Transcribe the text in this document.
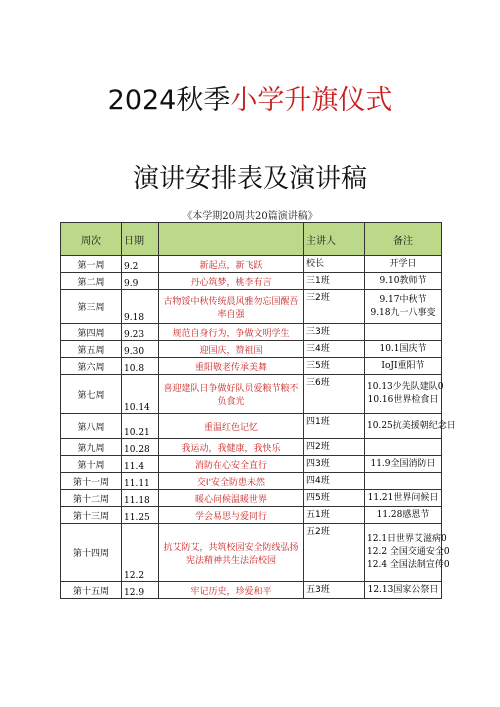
2024秋季小学升旗仪式
演讲安排表及演讲稿
《本学期20周共20篇演讲稿》
周次	日期		主讲人	备注
第一周	9.2	新起点，新飞跃	校长	开学日

第二周	9.9	丹心筑梦，桃李有言	三1班	9.10教师节

第三周	9.18	古物馁中秋传统晨风雅勿忘国醒吾率自强	三2班	9.17中秋节
9.18九一八事变

第四周	9.23	规范自身行为，争做文明学生	三3班	
第五周	9.30	迎国庆，赞祖国	三4班	10.1国庆节

第六周	10.8	重阳敬老传承美舞	三5班	IoJI重阳节

第七周	10.14	喜迎建队日争做好队员爱粮节粮不负食光	三6班	10.13少先队建队0
10.16世界检食日

第八周	10.21	重温红色记忆	四1班	10.25抗美援朝纪念日

第九周	10.28	我运动，我健康，我快乐	四2班	
第十周	11.4	消防在心安全直行	四3班	11.9全国消防日

第十一周	11.11	交I'安全防患未然	四4班	
第十二周	11.18	暖心问候温暖世界	四5班	11.21世界问候日

第十三周	11.25	学会易思与爱同行	五1班	11.28感恩节

第十四周	12.2	抗艾防艾，共筑校园安全防线弘扬宪法精神共生法治校园	五2班	12.1日世界艾滋病0
12.2 全国交通安全0
12.4 全国法制宣传0

第十五周	12.9	牢记历史，珍爱和平	五3班	12.13国家公祭日
